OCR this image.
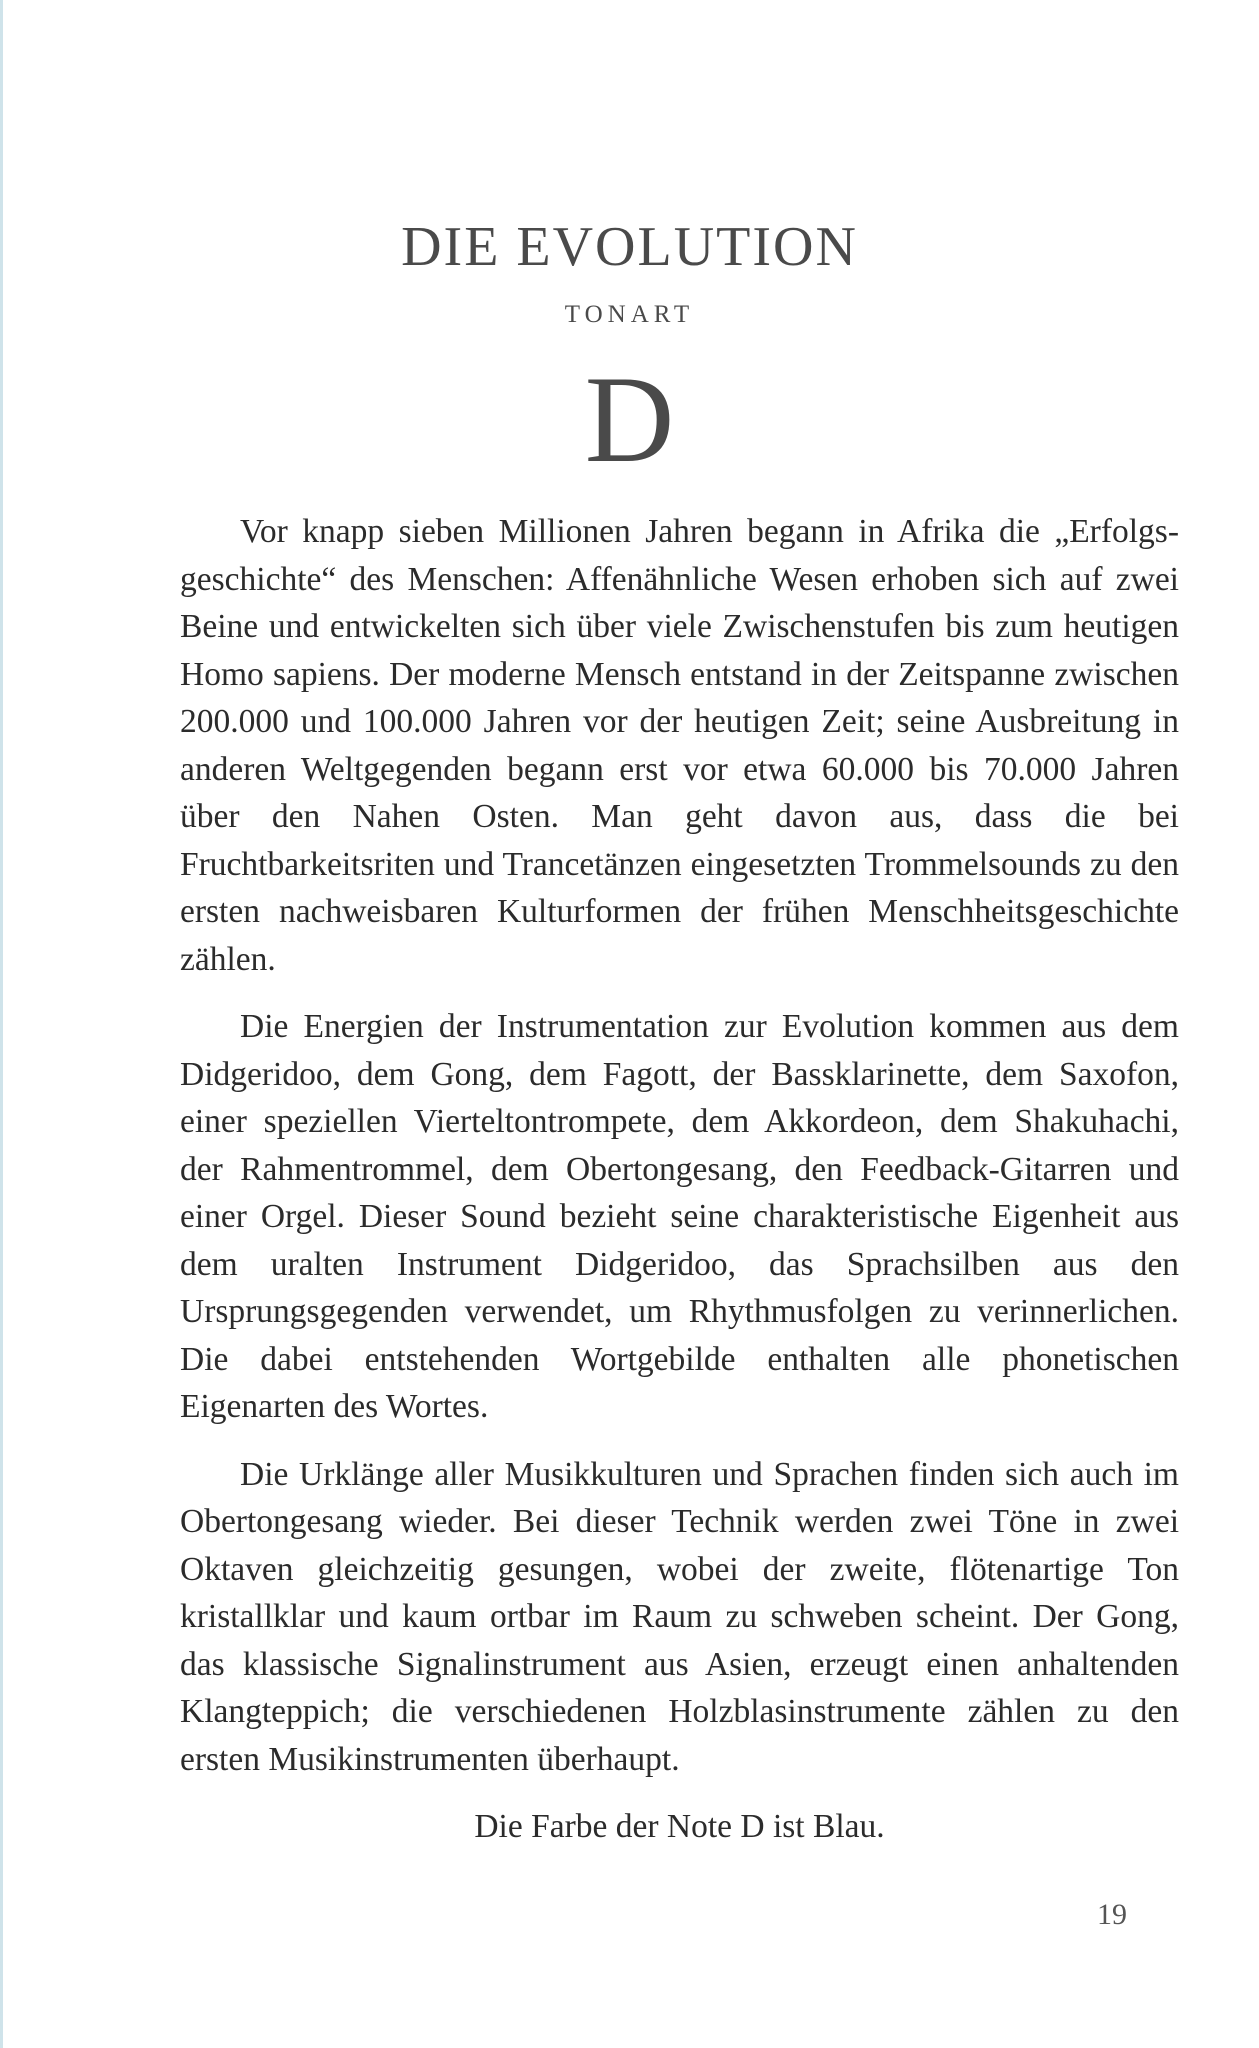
DIE EVOLUTION
TONART
D

Vor knapp sieben Millionen Jahren begann in Afrika die „Erfolgsgeschichte“ des Menschen: Affenähnliche Wesen erhoben sich auf zwei Beine und entwickelten sich über viele Zwischenstufen bis zum heutigen Homo sapiens. Der moderne Mensch entstand in der Zeitspanne zwischen 200.000 und 100.000 Jahren vor der heutigen Zeit; seine Ausbreitung in anderen Weltgegenden begann erst vor etwa 60.000 bis 70.000 Jahren über den Nahen Osten. Man geht davon aus, dass die bei Fruchtbarkeitsriten und Trancetänzen eingesetzten Trommelsounds zu den ersten nachweisbaren Kulturformen der frühen Menschheitsgeschichte zählen.

Die Energien der Instrumentation zur Evolution kommen aus dem Didgeridoo, dem Gong, dem Fagott, der Bassklarinette, dem Saxofon, einer speziellen Vierteltontrompete, dem Akkordeon, dem Shakuhachi, der Rahmentrommel, dem Obertongesang, den Feedback-Gitarren und einer Orgel. Dieser Sound bezieht seine charakteristische Eigenheit aus dem uralten Instrument Didgeridoo, das Sprachsilben aus den Ursprungsgegenden verwendet, um Rhythmusfolgen zu verinnerlichen. Die dabei entstehenden Wortgebilde enthalten alle phonetischen Eigenarten des Wortes.

Die Urklänge aller Musikkulturen und Sprachen finden sich auch im Obertongesang wieder. Bei dieser Technik werden zwei Töne in zwei Oktaven gleichzeitig gesungen, wobei der zweite, flötenartige Ton kristallklar und kaum ortbar im Raum zu schweben scheint. Der Gong, das klassische Signalinstrument aus Asien, erzeugt einen anhaltenden Klangteppich; die verschiedenen Holzblasinstrumente zählen zu den ersten Musikinstrumenten überhaupt.

Die Farbe der Note D ist Blau.

19
